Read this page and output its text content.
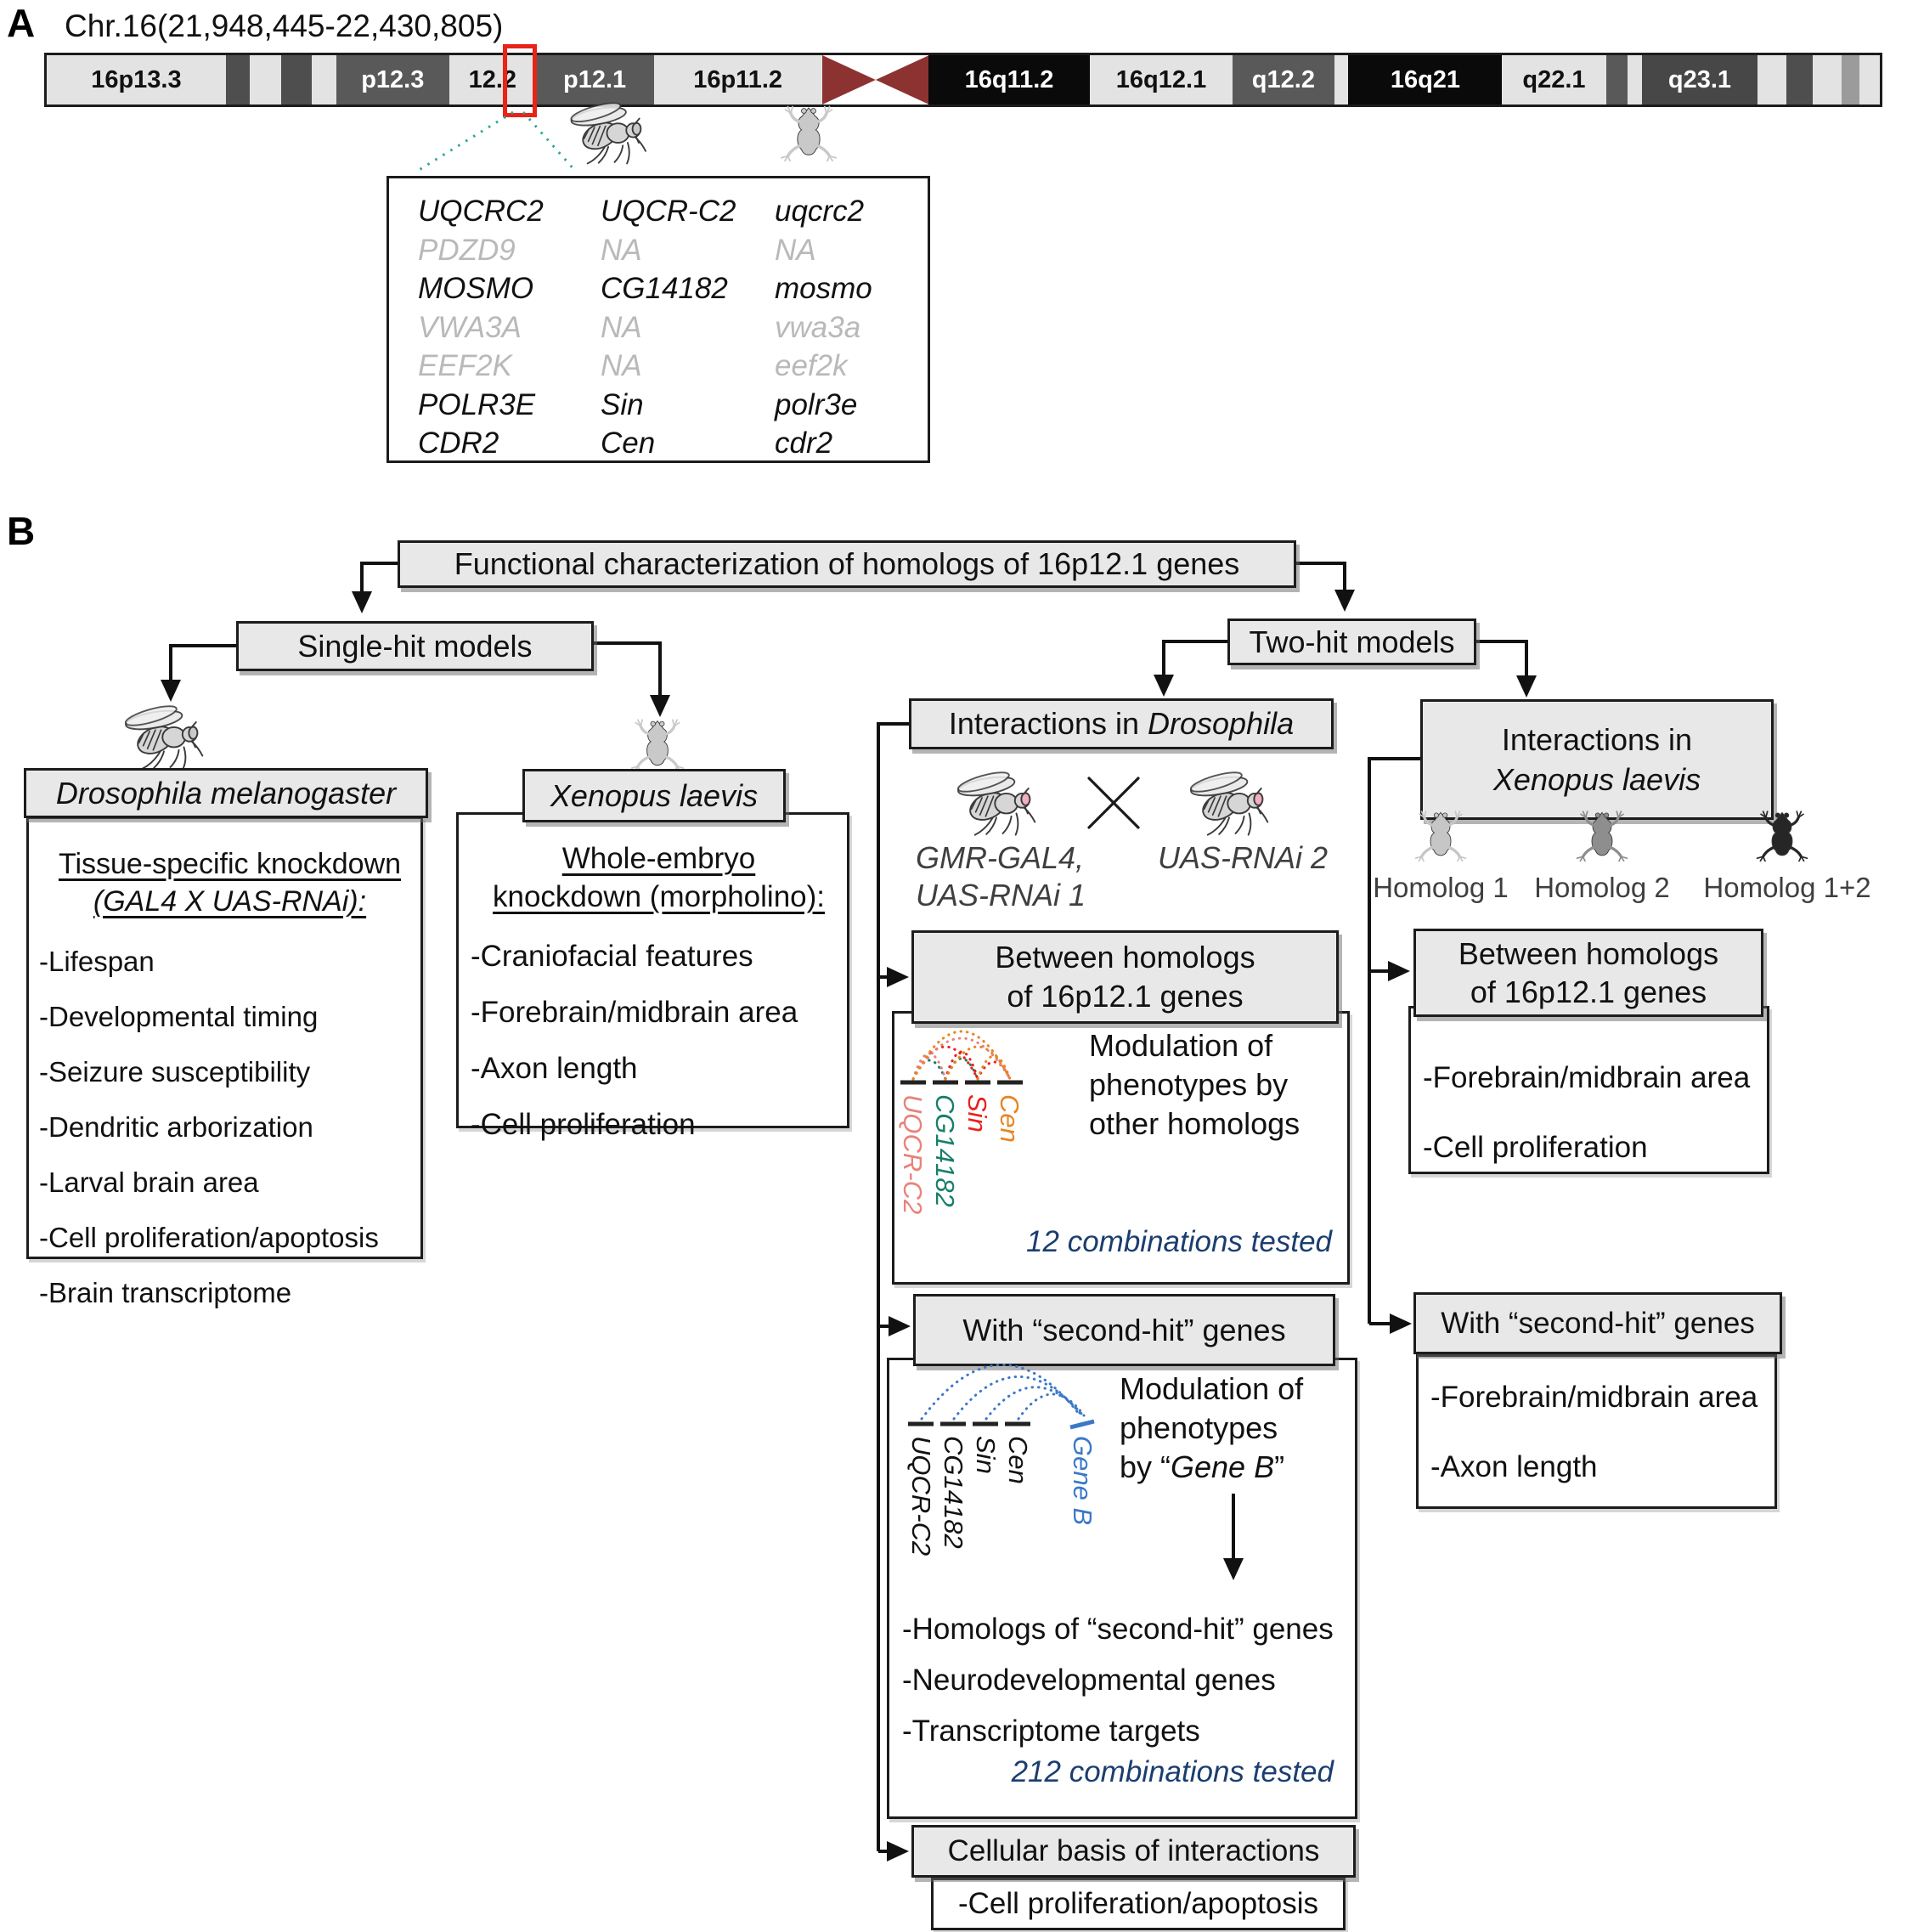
A Chr.16(21,948,445-22,430,805)
16p13.3	p12.3	12.2	p12.1	16p11.2	16q11.2	16q12.1	q12.2	16q21	q22.1	q23.1
UQCRC2	UQCR-C2	uqcrc2
PDZD9	NA	NA
MOSMO	CG14182	mosmo
VWA3A	NA	vwa3a
EEF2K	NA	eef2k
POLR3E	Sin	polr3e
CDR2	Cen	cdr2
B
Functional characterization of homologs of 16p12.1 genes
Single-hit models	Two-hit models
Drosophila melanogaster
Tissue-specific knockdown
(GAL4 X UAS-RNAi):
-Lifespan
-Developmental timing
-Seizure susceptibility
-Dendritic arborization
-Larval brain area
-Cell proliferation/apoptosis
-Brain transcriptome
Xenopus laevis
Whole-embryo
knockdown (morpholino):
-Craniofacial features
-Forebrain/midbrain area
-Axon length
-Cell proliferation
Interactions in Drosophila
GMR-GAL4,
UAS-RNAi 1
UAS-RNAi 2
Between homologs
of 16p12.1 genes
Modulation of
phenotypes by
other homologs
12 combinations tested
With “second-hit” genes
Modulation of
phenotypes
by “Gene B”
-Homologs of “second-hit” genes
-Neurodevelopmental genes
-Transcriptome targets
212 combinations tested
-Cell proliferation/apoptosis
Cellular basis of interactions
Interactions in
Xenopus laevis
Homolog 1 Homolog 2 Homolog 1+2
-Forebrain/midbrain area
-Cell proliferation
Between homologs
of 16p12.1 genes
-Forebrain/midbrain area
-Axon length
With “second-hit” genes
UQCR-C2 CG14182 Sin Cen
UQCR-C2 CG14182 Sin Cen Gene B
